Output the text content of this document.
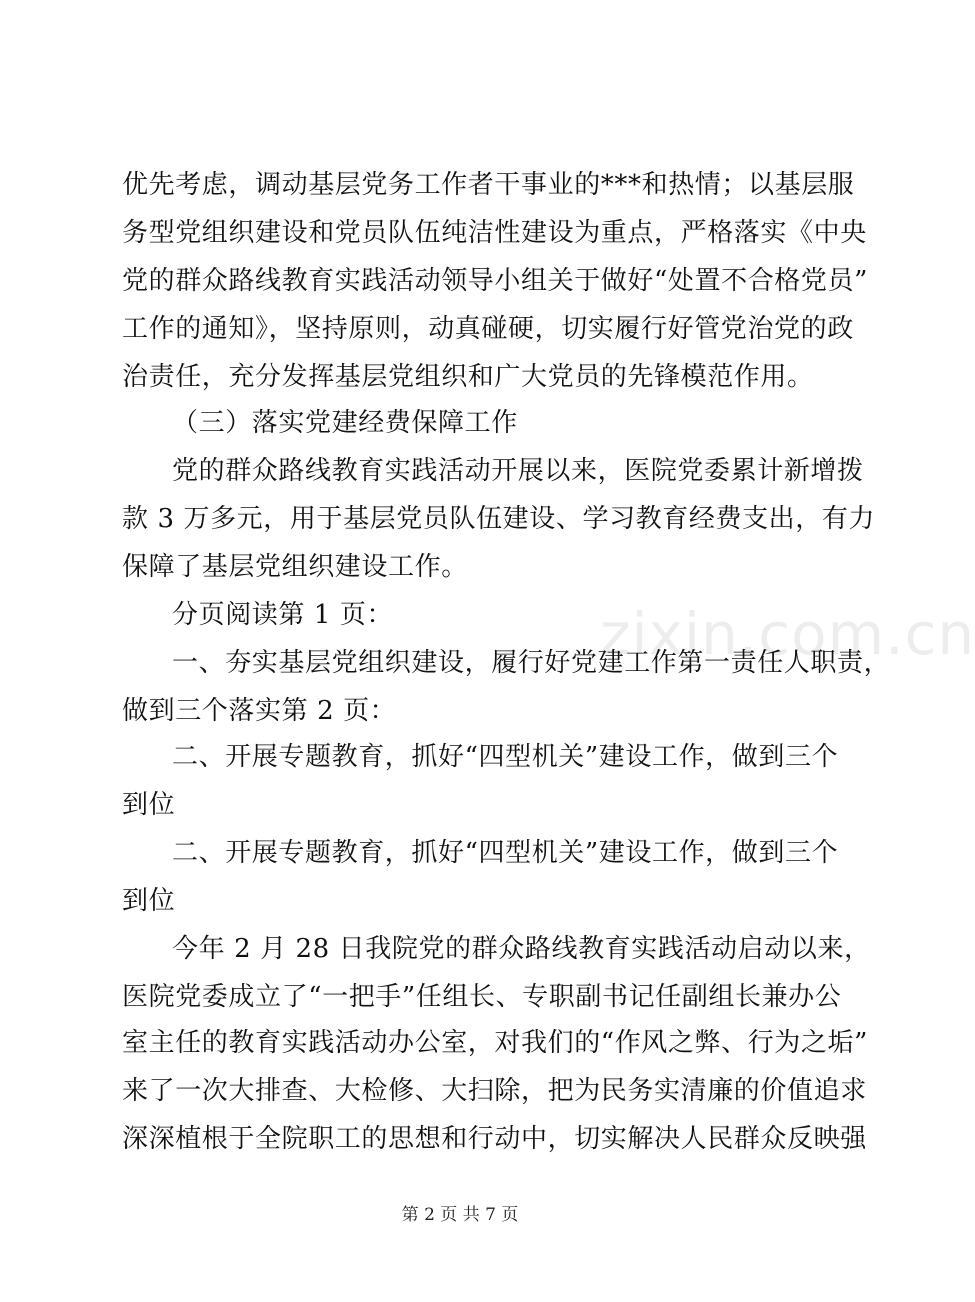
优先考虑，调动基层党务工作者干事业的***和热情；以基层服
务型党组织建设和党员队伍纯洁性建设为重点，严格落实《中央
党的群众路线教育实践活动领导小组关于做好“处置不合格党员”
工作的通知》，坚持原则，动真碰硬，切实履行好管党治党的政
治责任，充分发挥基层党组织和广大党员的先锋模范作用。
（三）落实党建经费保障工作
党的群众路线教育实践活动开展以来，医院党委累计新增拨
款 3 万多元，用于基层党员队伍建设、学习教育经费支出，有力
保障了基层党组织建设工作。
分页阅读第 1 页：
一、夯实基层党组织建设，履行好党建工作第一责任人职责，
做到三个落实第 2 页：
二、开展专题教育，抓好“四型机关”建设工作，做到三个
到位
二、开展专题教育，抓好“四型机关”建设工作，做到三个
到位
今年 2 月 28 日我院党的群众路线教育实践活动启动以来，
医院党委成立了“一把手”任组长、专职副书记任副组长兼办公
室主任的教育实践活动办公室，对我们的“作风之弊、行为之垢”
来了一次大排查、大检修、大扫除，把为民务实清廉的价值追求
深深植根于全院职工的思想和行动中，切实解决人民群众反映强
zixin.com.cn
第 2 页 共 7 页
